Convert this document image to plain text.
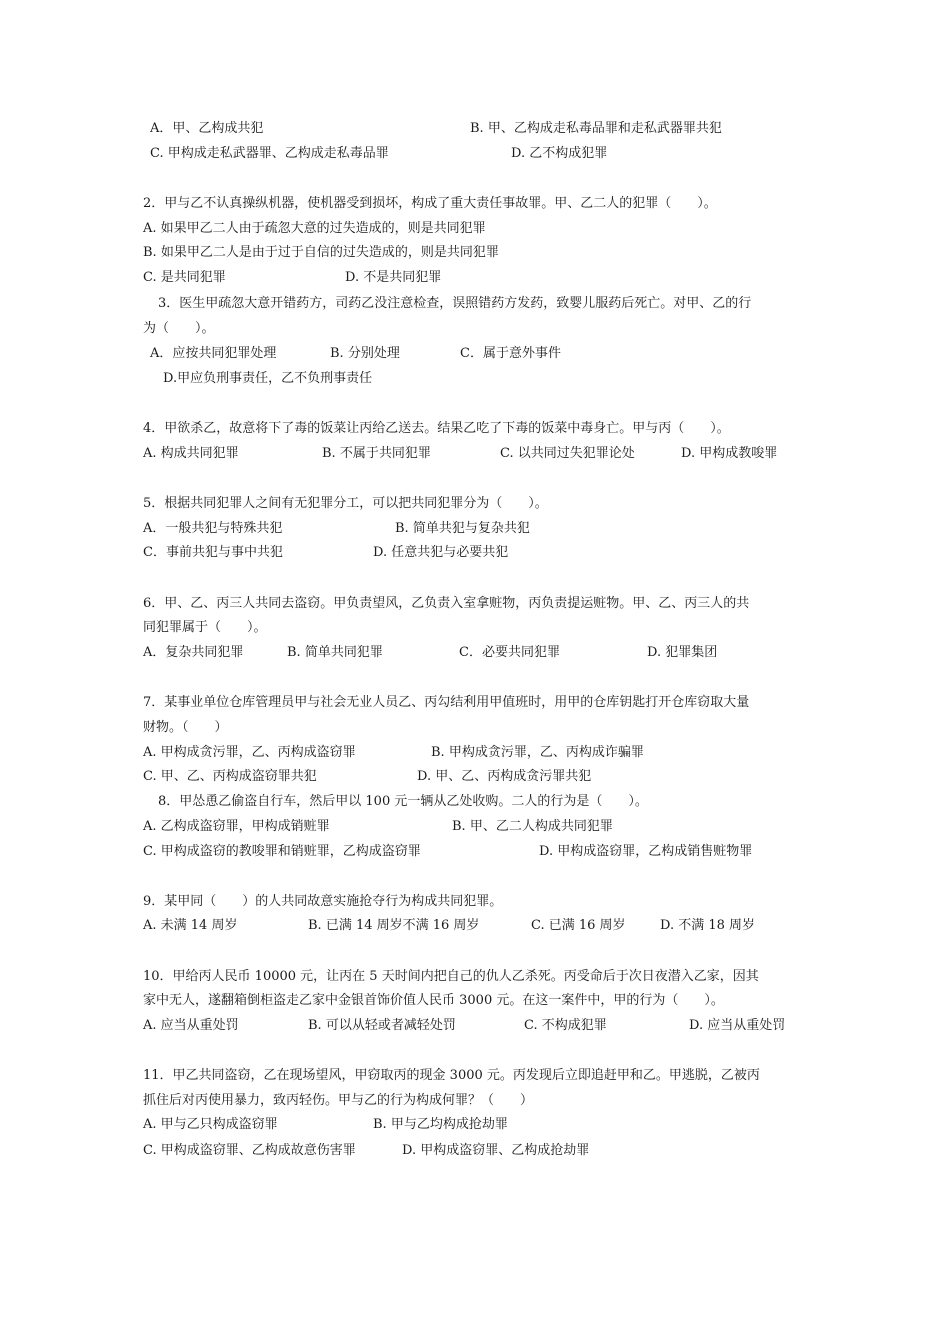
A．甲、乙构成共犯	B. 甲、乙构成走私毒品罪和走私武器罪共犯
C. 甲构成走私武器罪、乙构成走私毒品罪	D. 乙不构成犯罪
2．甲与乙不认真操纵机器，使机器受到损坏，构成了重大责任事故罪。甲、乙二人的犯罪（　　）。
A. 如果甲乙二人由于疏忽大意的过失造成的，则是共同犯罪
B. 如果甲乙二人是由于过于自信的过失造成的，则是共同犯罪
C. 是共同犯罪	D. 不是共同犯罪
3．医生甲疏忽大意开错药方，司药乙没注意检查，误照错药方发药，致婴儿服药后死亡。对甲、乙的行
为（　　）。
A．应按共同犯罪处理	B. 分别处理	C．属于意外事件
D.甲应负刑事责任，乙不负刑事责任
4．甲欲杀乙，故意将下了毒的饭菜让丙给乙送去。结果乙吃了下毒的饭菜中毒身亡。甲与丙（　　）。
A. 构成共同犯罪	B. 不属于共同犯罪	C. 以共同过失犯罪论处	D. 甲构成教唆罪
5．根据共同犯罪人之间有无犯罪分工，可以把共同犯罪分为（　　）。
A．一般共犯与特殊共犯	B. 简单共犯与复杂共犯
C．事前共犯与事中共犯	D. 任意共犯与必要共犯
6．甲、乙、丙三人共同去盗窃。甲负责望风，乙负责入室拿赃物，丙负责提运赃物。甲、乙、丙三人的共
同犯罪属于（　　）。
A．复杂共同犯罪	B. 简单共同犯罪	C．必要共同犯罪	D. 犯罪集团
7．某事业单位仓库管理员甲与社会无业人员乙、丙勾结利用甲值班时，用甲的仓库钥匙打开仓库窃取大量
财物。（　　）
A. 甲构成贪污罪，乙、丙构成盗窃罪	B. 甲构成贪污罪，乙、丙构成诈骗罪
C. 甲、乙、丙构成盗窃罪共犯	D. 甲、乙、丙构成贪污罪共犯
8．甲怂恿乙偷盗自行车，然后甲以 100 元一辆从乙处收购。二人的行为是（　　）。
A. 乙构成盗窃罪，甲构成销赃罪	B. 甲、乙二人构成共同犯罪
C. 甲构成盗窃的教唆罪和销赃罪，乙构成盗窃罪	D. 甲构成盗窃罪，乙构成销售赃物罪
9．某甲同（　　）的人共同故意实施抢夺行为构成共同犯罪。
A. 未满 14 周岁	B. 已满 14 周岁不满 16 周岁	C. 已满 16 周岁	D. 不满 18 周岁
10．甲给丙人民币 10000 元，让丙在 5 天时间内把自己的仇人乙杀死。丙受命后于次日夜潜入乙家，因其
家中无人，遂翻箱倒柜盗走乙家中金银首饰价值人民币 3000 元。在这一案件中，甲的行为（　　）。
A. 应当从重处罚	B. 可以从轻或者减轻处罚	C. 不构成犯罪	D. 应当从重处罚
11．甲乙共同盗窃，乙在现场望风，甲窃取丙的现金 3000 元。丙发现后立即追赶甲和乙。甲逃脱，乙被丙
抓住后对丙使用暴力，致丙轻伤。甲与乙的行为构成何罪？（　　）
A. 甲与乙只构成盗窃罪	B. 甲与乙均构成抢劫罪
C. 甲构成盗窃罪、乙构成故意伤害罪	D. 甲构成盗窃罪、乙构成抢劫罪
